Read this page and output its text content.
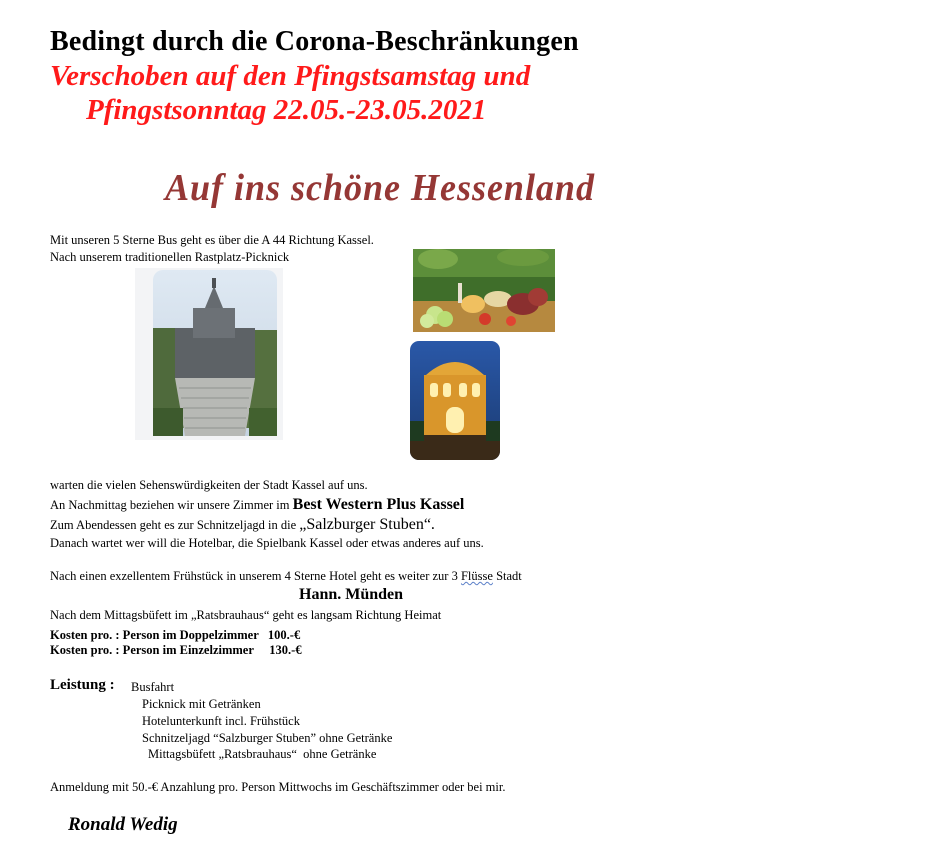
Bedingt durch die Corona-Beschränkungen
Verschoben auf den Pfingstsamstag und
Pfingstsonntag 22.05.-23.05.2021
Auf ins schöne Hessenland
Mit unseren 5 Sterne Bus geht es über die A 44 Richtung Kassel.
Nach unserem traditionellen Rastplatz-Picknick
warten die vielen Sehenswürdigkeiten der Stadt Kassel auf uns.
An Nachmittag beziehen wir unsere Zimmer im Best Western Plus Kassel
Zum Abendessen geht es zur Schnitzeljagd in die „Salzburger Stuben“.
Danach wartet wer will die Hotelbar, die Spielbank Kassel oder etwas anderes auf uns.
Nach einen exzellentem Frühstück in unserem 4 Sterne Hotel geht es weiter zur 3 Flüsse Stadt
Hann. Münden
Nach dem Mittagsbüfett im „Ratsbrauhaus“ geht es langsam Richtung Heimat
Kosten pro. : Person im Doppelzimmer   100.-€
Kosten pro. : Person im Einzelzimmer     130.-€
Leistung : Busfahrt
Picknick mit Getränken
Hotelunterkunft incl. Frühstück
Schnitzeljagd “Salzburger Stuben” ohne Getränke
Mittagsbüfett „Ratsbrauhaus“  ohne Getränke
Anmeldung mit 50.-€ Anzahlung pro. Person Mittwochs im Geschäftszimmer oder bei mir.
Ronald Wedig
